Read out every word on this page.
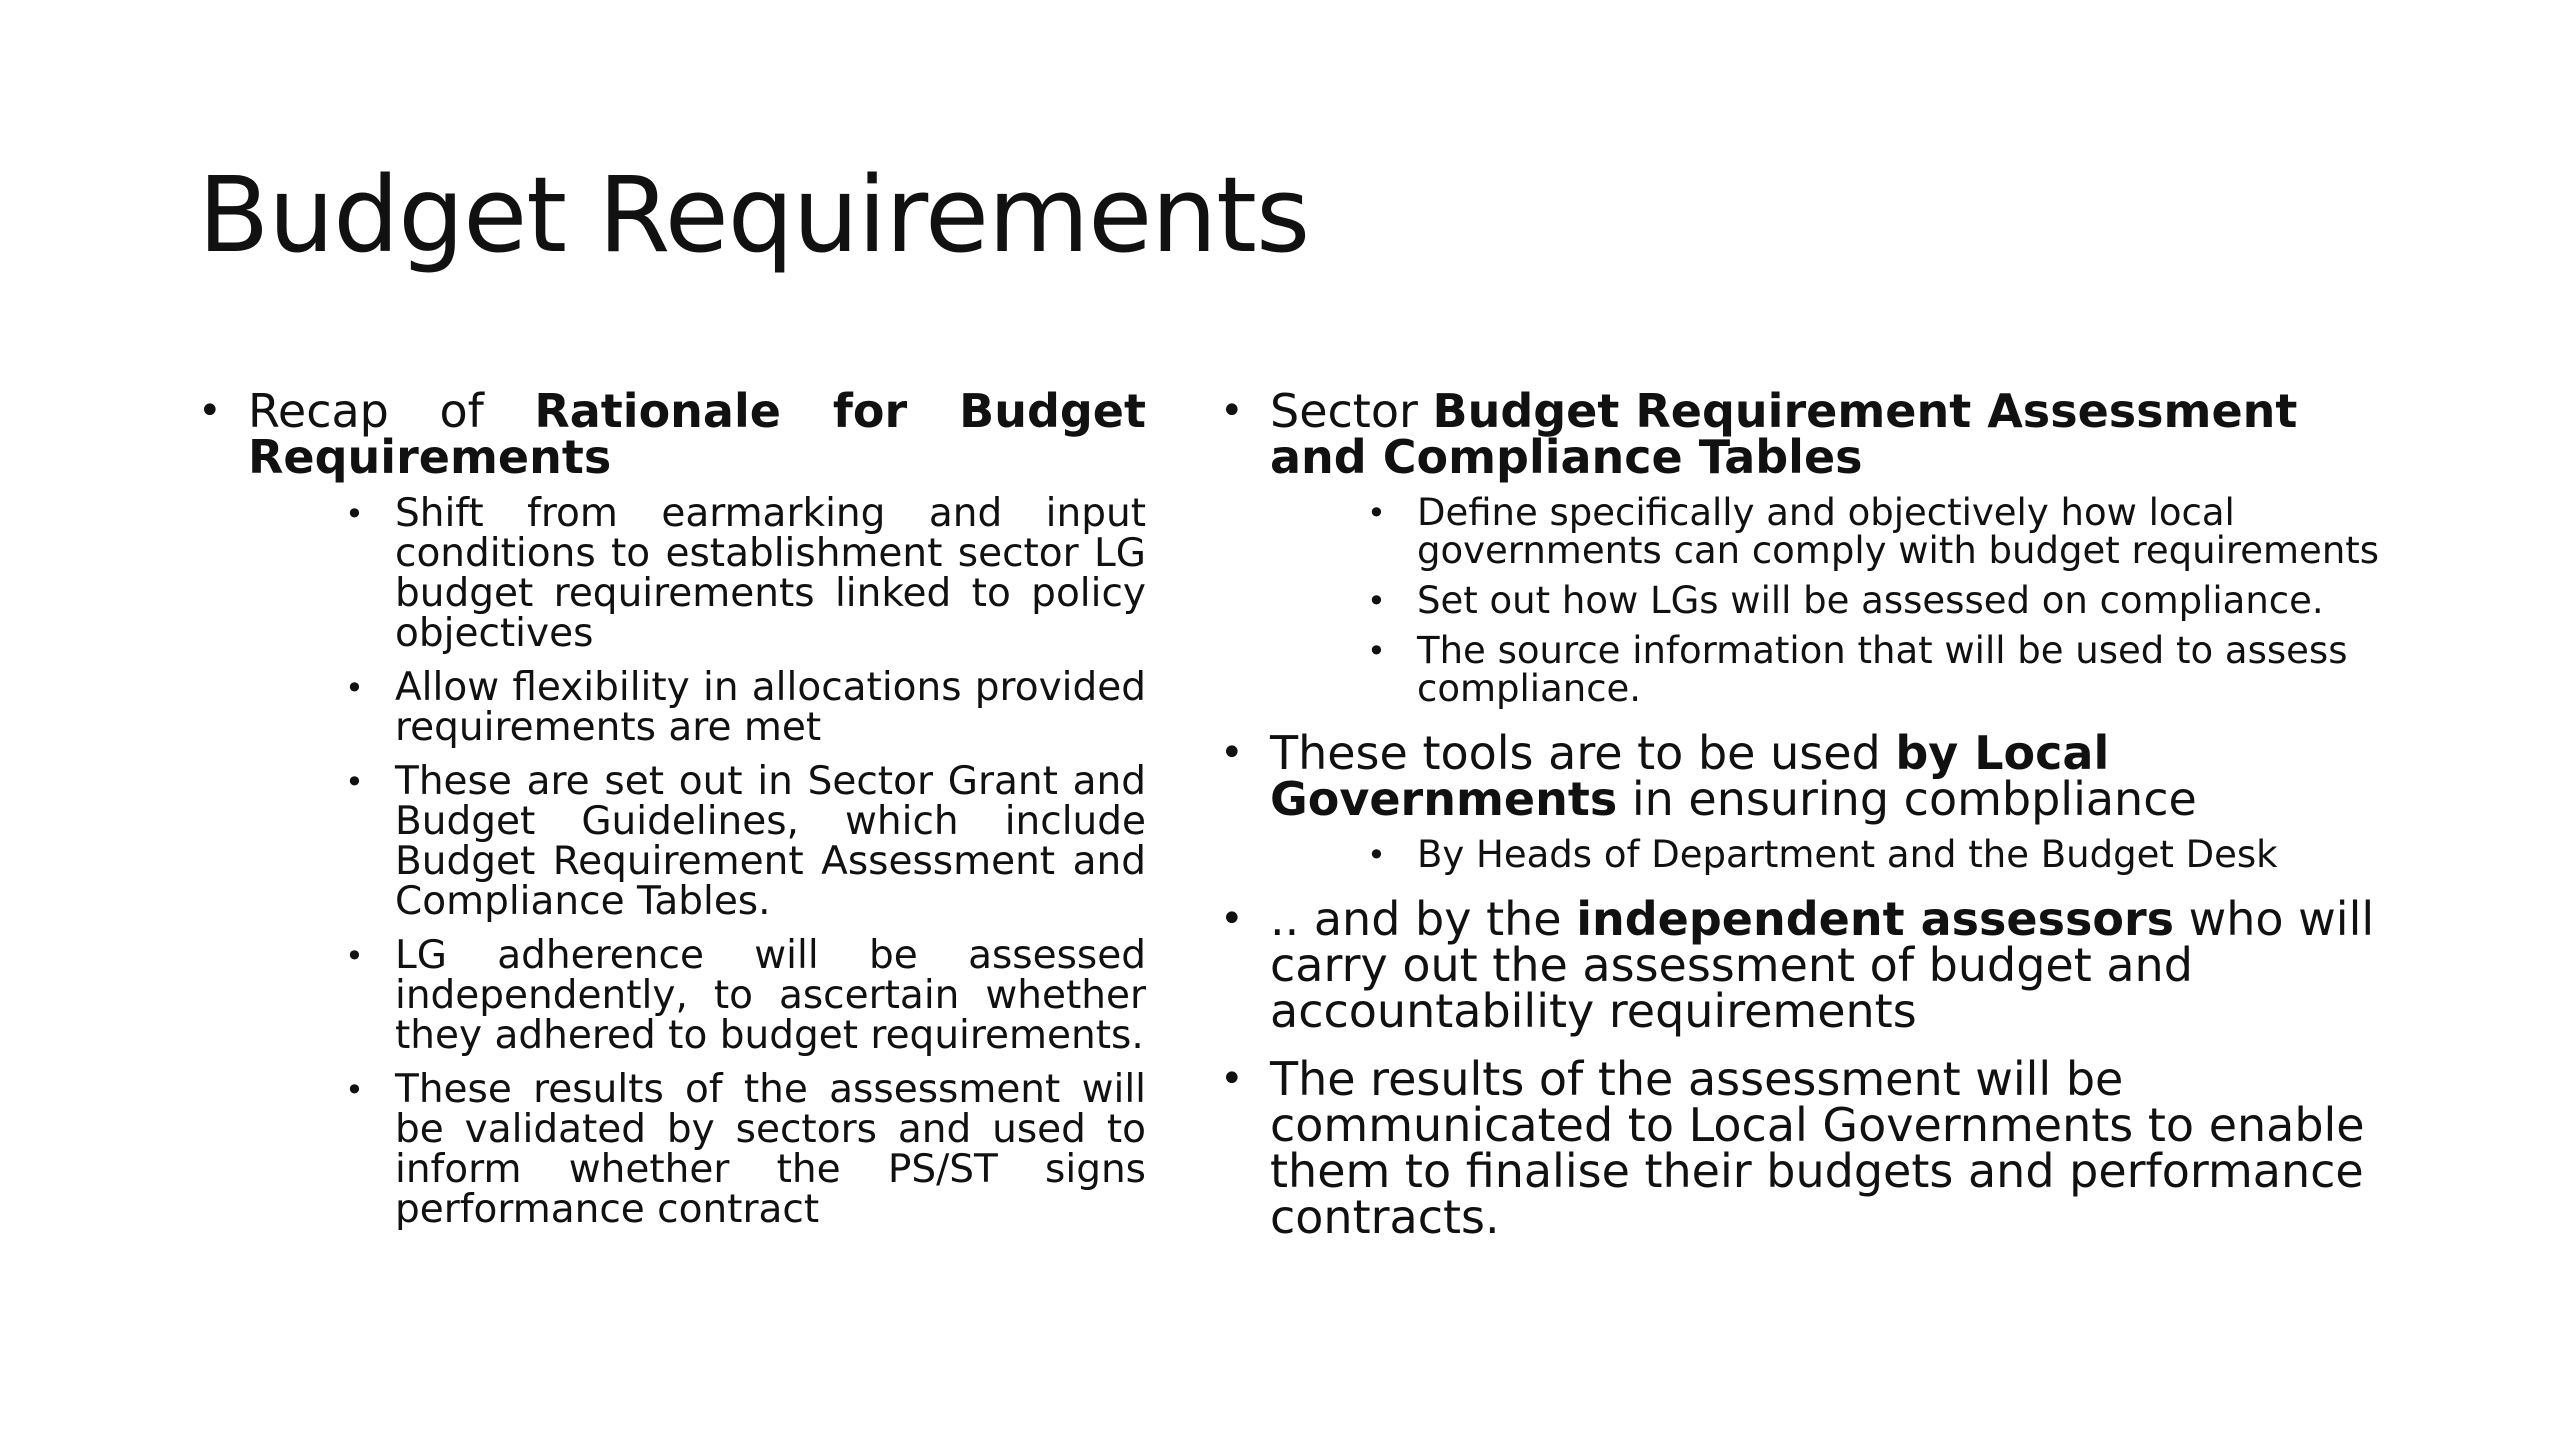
Budget Requirements
• Recap of Rationale for Budget Requirements
• Shift from earmarking and input conditions to establishment sector LG budget requirements linked to policy objectives
• Allow flexibility in allocations provided requirements are met
• These are set out in Sector Grant and Budget Guidelines, which include Budget Requirement Assessment and Compliance Tables.
• LG adherence will be assessed independently, to ascertain whether they adhered to budget requirements.
• These results of the assessment will be validated by sectors and used to inform whether the PS/ST signs performance contract
• Sector Budget Requirement Assessment and Compliance Tables
• Define specifically and objectively how local governments can comply with budget requirements
• Set out how LGs will be assessed on compliance.
• The source information that will be used to assess compliance.
• These tools are to be used by Local Governments in ensuring combpliance
• By Heads of Department and the Budget Desk
• .. and by the independent assessors who will carry out the assessment of budget and accountability requirements
• The results of the assessment will be communicated to Local Governments to enable them to finalise their budgets and performance contracts.
